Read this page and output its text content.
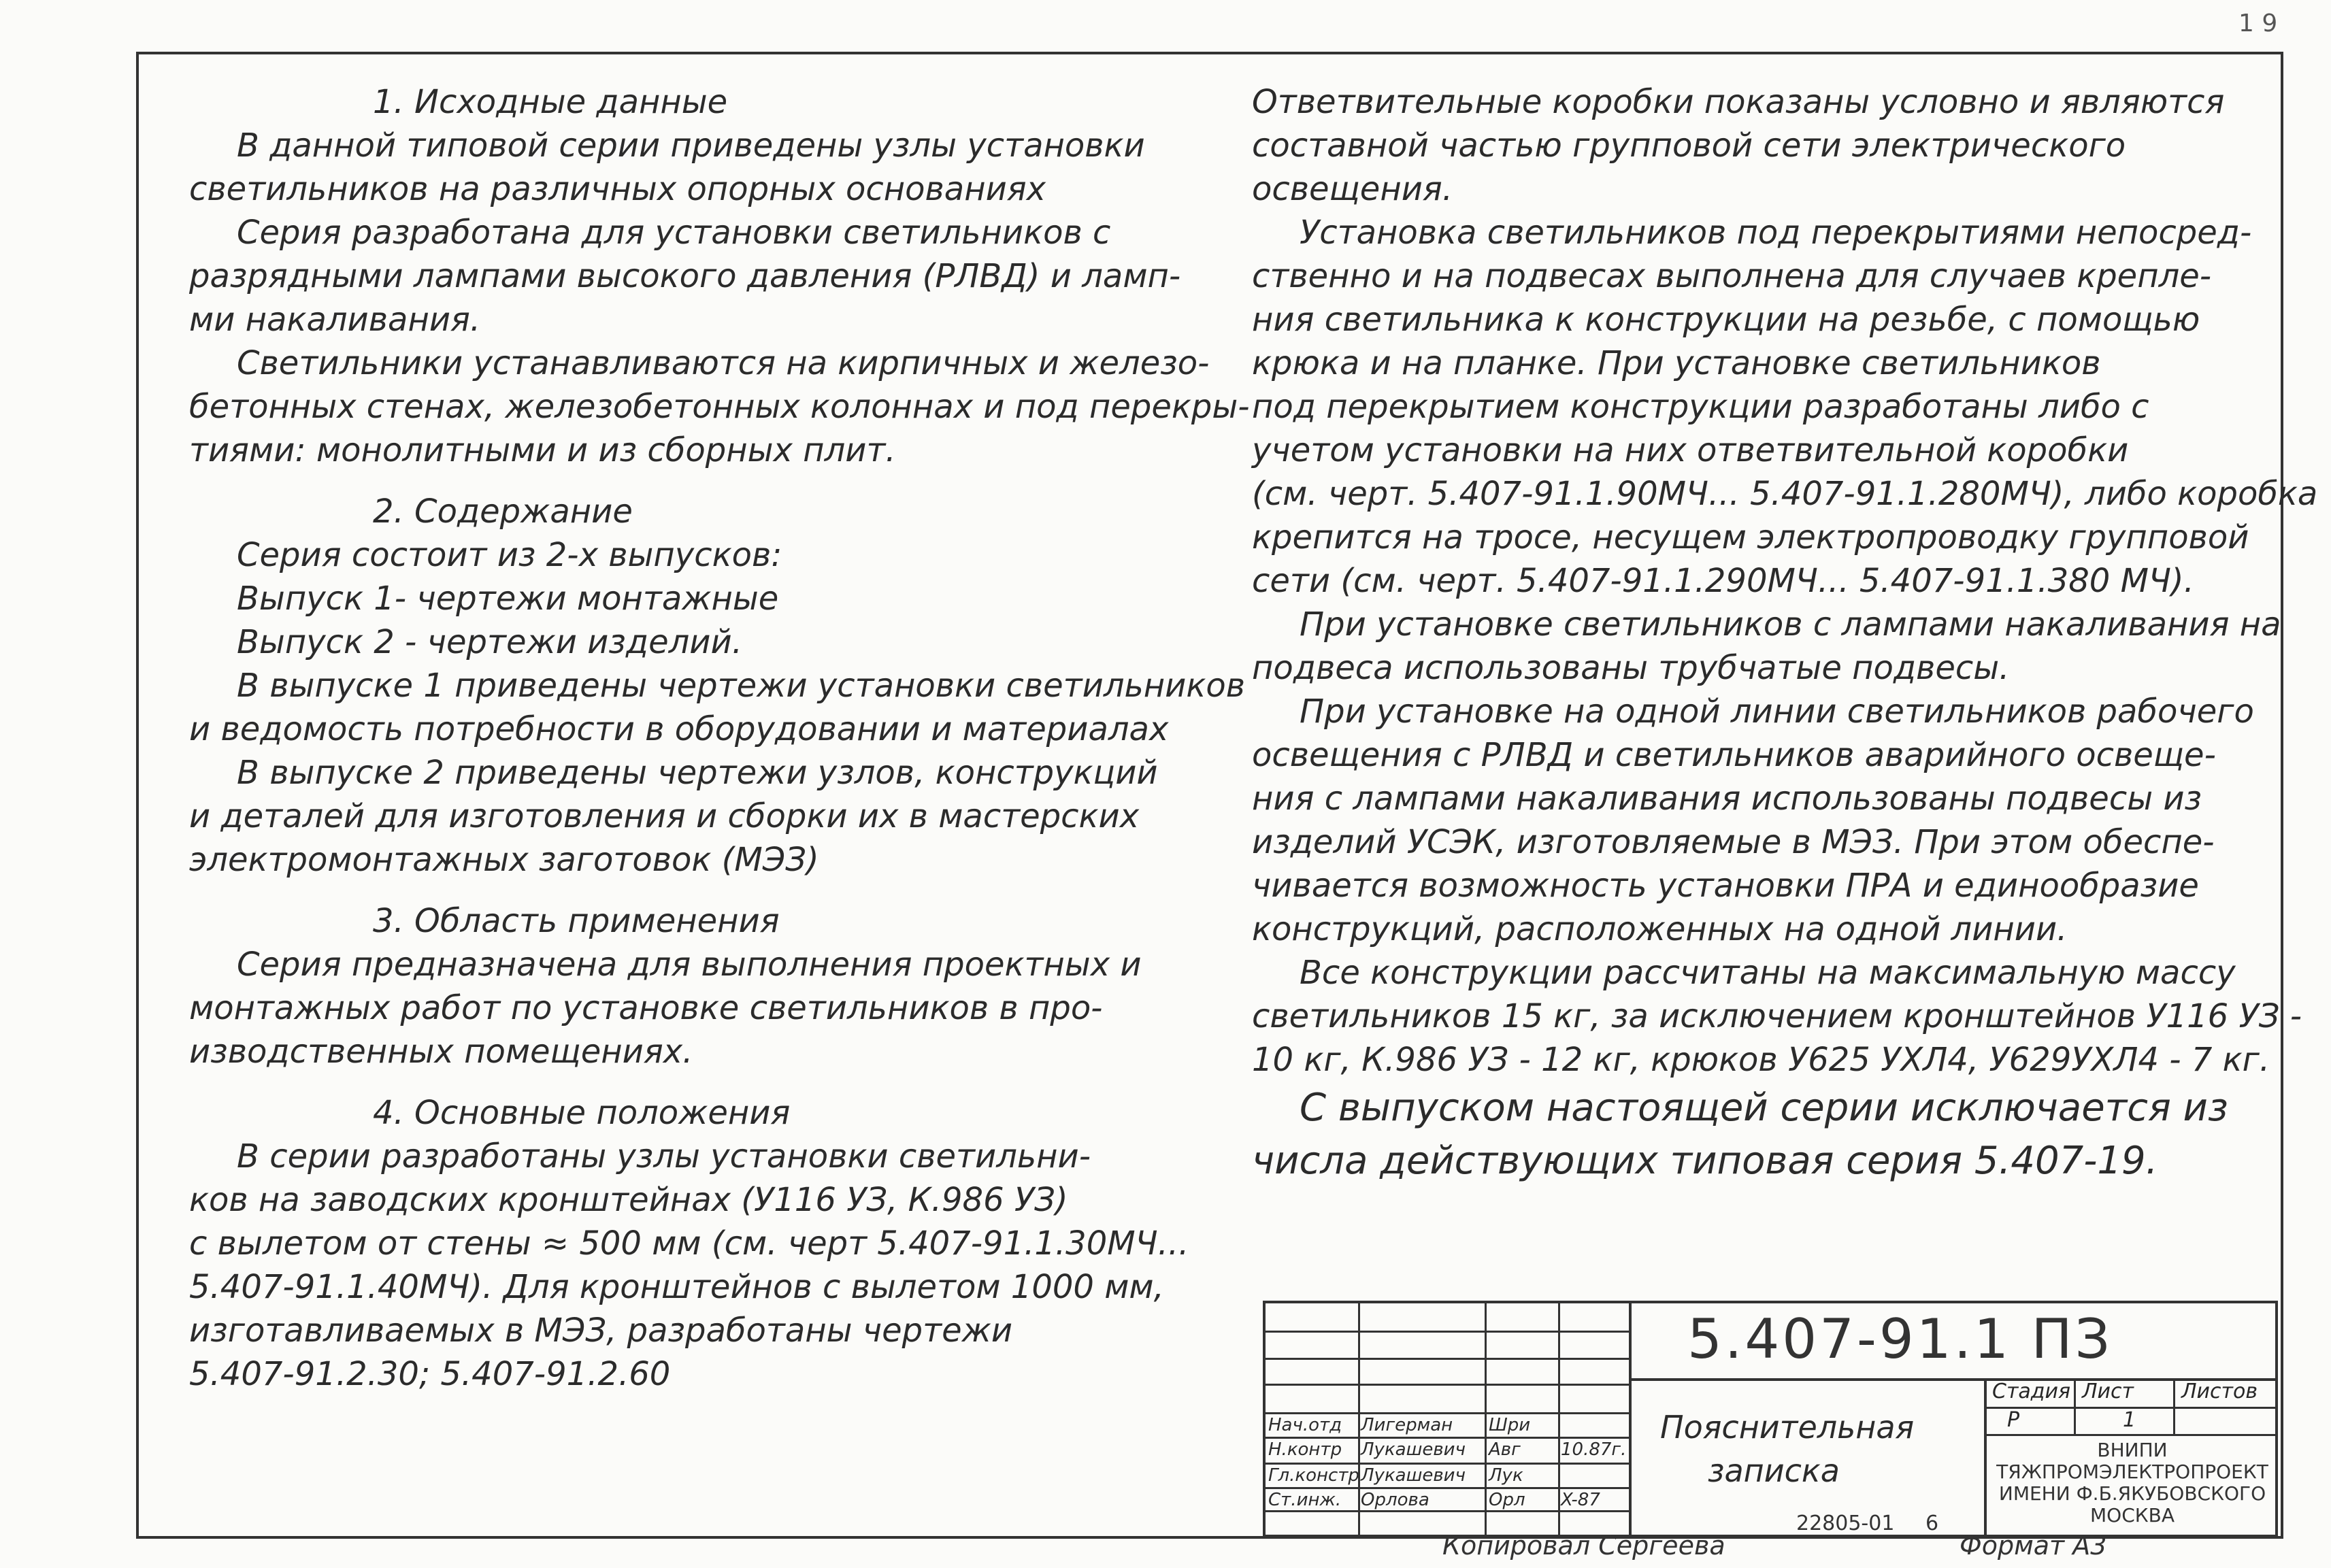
1 9

1. Исходные данные

В данной типовой серии приведены узлы установки

светильников на различных опорных основаниях

Серия разработана для установки светильников с

разрядными лампами высокого давления (РЛВД) и ламп-

ми накаливания.

Светильники устанавливаются на кирпичных и железо-

бетонных стенах, железобетонных колоннах и под перекры-

тиями: монолитными и из сборных плит.

2. Содержание

Серия состоит из 2-х выпусков:

Выпуск 1- чертежи монтажные

Выпуск 2 - чертежи изделий.

В выпуске 1 приведены чертежи установки светильников

и ведомость потребности в оборудовании и материалах

В выпуске 2 приведены чертежи узлов, конструкций

и деталей для изготовления и сборки их в мастерских

электромонтажных заготовок (МЭЗ)

3. Область применения

Серия предназначена для выполнения проектных и

монтажных работ по установке светильников в про-

изводственных помещениях.

4. Основные положения

В серии разработаны узлы установки светильни-

ков на заводских кронштейнах (У116 УЗ, К.986 УЗ)

с вылетом от стены ≈ 500 мм (см. черт 5.407-91.1.30МЧ...

5.407-91.1.40МЧ). Для кронштейнов с вылетом 1000 мм,

изготавливаемых в МЭЗ, разработаны чертежи

5.407-91.2.30; 5.407-91.2.60

Ответвительные коробки показаны условно и являются

составной частью групповой сети электрического

освещения.

Установка светильников под перекрытиями непосред-

ственно и на подвесах выполнена для случаев крепле-

ния светильника к конструкции на резьбе, с помощью

крюка и на планке. При установке светильников

под перекрытием конструкции разработаны либо с

учетом установки на них ответвительной коробки

(см. черт. 5.407-91.1.90МЧ... 5.407-91.1.280МЧ), либо коробка

крепится на тросе, несущем электропроводку групповой

сети (см. черт. 5.407-91.1.290МЧ... 5.407-91.1.380 МЧ).

При установке светильников с лампами накаливания на

подвеса использованы трубчатые подвесы.

При установке на одной линии светильников рабочего

освещения с РЛВД и светильников аварийного освеще-

ния с лампами накаливания использованы подвесы из

изделий УСЭК, изготовляемые в МЭЗ. При этом обеспе-

чивается возможность установки ПРА и единообразие

конструкций, расположенных на одной линии.

Все конструкции рассчитаны на максимальную массу

светильников 15 кг, за исключением кронштейнов У116 УЗ -

10 кг, К.986 УЗ - 12 кг, крюков У625 УХЛ4, У629УХЛ4 - 7 кг.

С выпуском настоящей серии исключается из

числа действующих типовая серия 5.407-19.

Нач.отд Лигерман Шри
Н.контр Лукашевич Авг 10.87г.
Гл.констр Лукашевич Лук
Ст.инж. Орлова	Орл X-87
5.407-91.1 ПЗ
Пояснительная
записка
Стадия Лист Листов
Р	1
ВНИПИ
ТЯЖПРОМЭЛЕКТРОПРОЕКТ
ИМЕНИ Ф.Б.ЯКУБОВСКОГО
МОСКВА
Копировал Сергеева
22805-01 6
Формат А3
